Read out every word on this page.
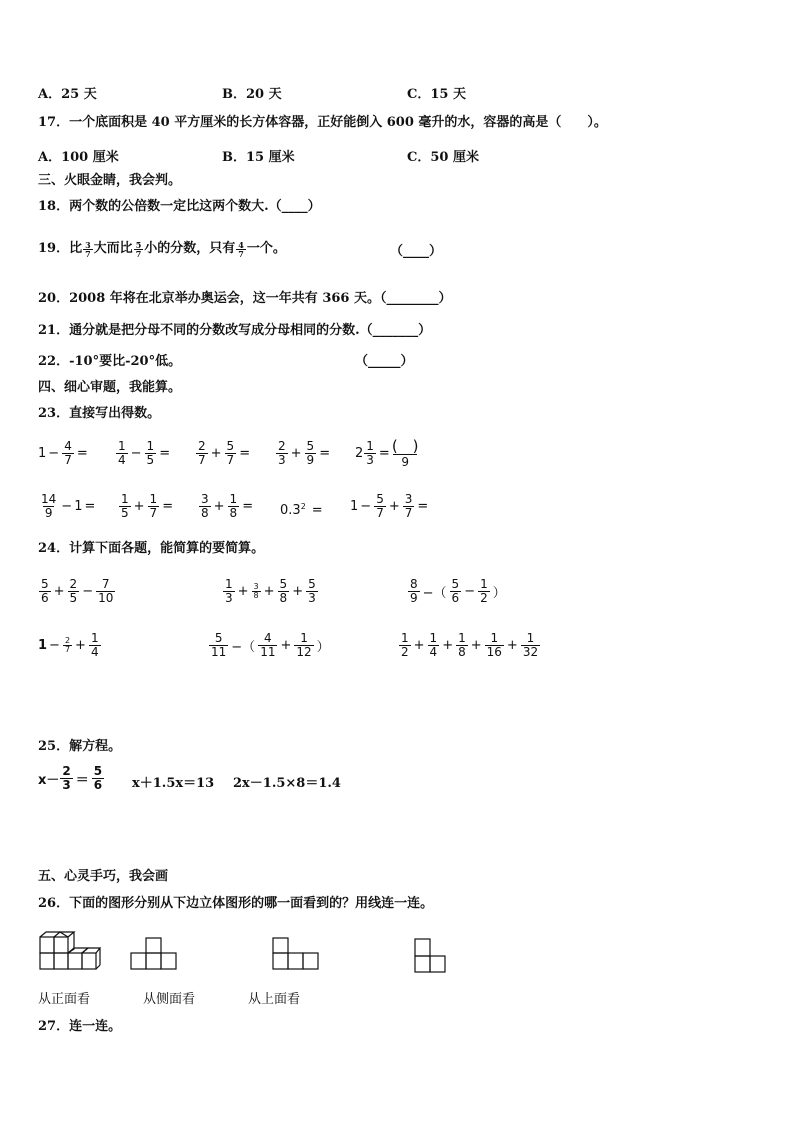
A．25 天	B．20 天	C．15 天
17．一个底面积是 40 平方厘米的长方体容器，正好能倒入 600 毫升的水，容器的高是（　　）。
A．100 厘米	B．15 厘米	C．50 厘米
三、火眼金睛，我会判。
18．两个数的公倍数一定比这两个数大.（____）
19．比 $\frac{3}{7}$ 大而比 $\frac{5}{7}$ 小的分数，只有 $\frac{4}{7}$ 一个。	（____）
20．2008 年将在北京举办奥运会，这一年共有 366 天。（________）
21．通分就是把分母不同的分数改写成分母相同的分数.（_______）
22．-10°要比-20°低。	（_____）
四、细心审题，我能算。
23．直接写出得数。
$1 - \frac{4}{7} = \frac{1}{4} - \frac{1}{5} = \frac{2}{7} + \frac{5}{7} = \frac{2}{3} + \frac{5}{9} = 2 \frac{1}{3} = \frac{( )}{9}$
$\frac{14}{9} - 1 = \frac{1}{5} + \frac{1}{7} = \frac{3}{8} + \frac{1}{8} = 0.3^2 = 1 - \frac{5}{7} + \frac{3}{7}$ =
24．计算下面各题，能简算的要简算。
$\frac{5}{6} + \frac{2}{5} - \frac{7}{10}$	$\frac{1}{3} + \frac{3}{8} + \frac{5}{8} + \frac{5}{3}$	$\frac{8}{9}$ −（ $\frac{5}{6} - \frac{1}{2}$ ）
$1 - \frac{2}{7} + \frac{1}{4}$	$\frac{5}{11}$ −（ $\frac{4}{11} + \frac{1}{12}$ ）	$\frac{1}{2} + \frac{1}{4} + \frac{1}{8} + \frac{1}{16} + \frac{1}{32}$
25．解方程。
$x- \frac{2}{3} = \frac{5}{6} x+1.5x=13$ 2x－1.5×8＝1.4
五、心灵手巧，我会画
26．下面的图形分别从下边立体图形的哪一面看到的？用线连一连。
从正面看	从侧面看	从上面看
27．连一连。
